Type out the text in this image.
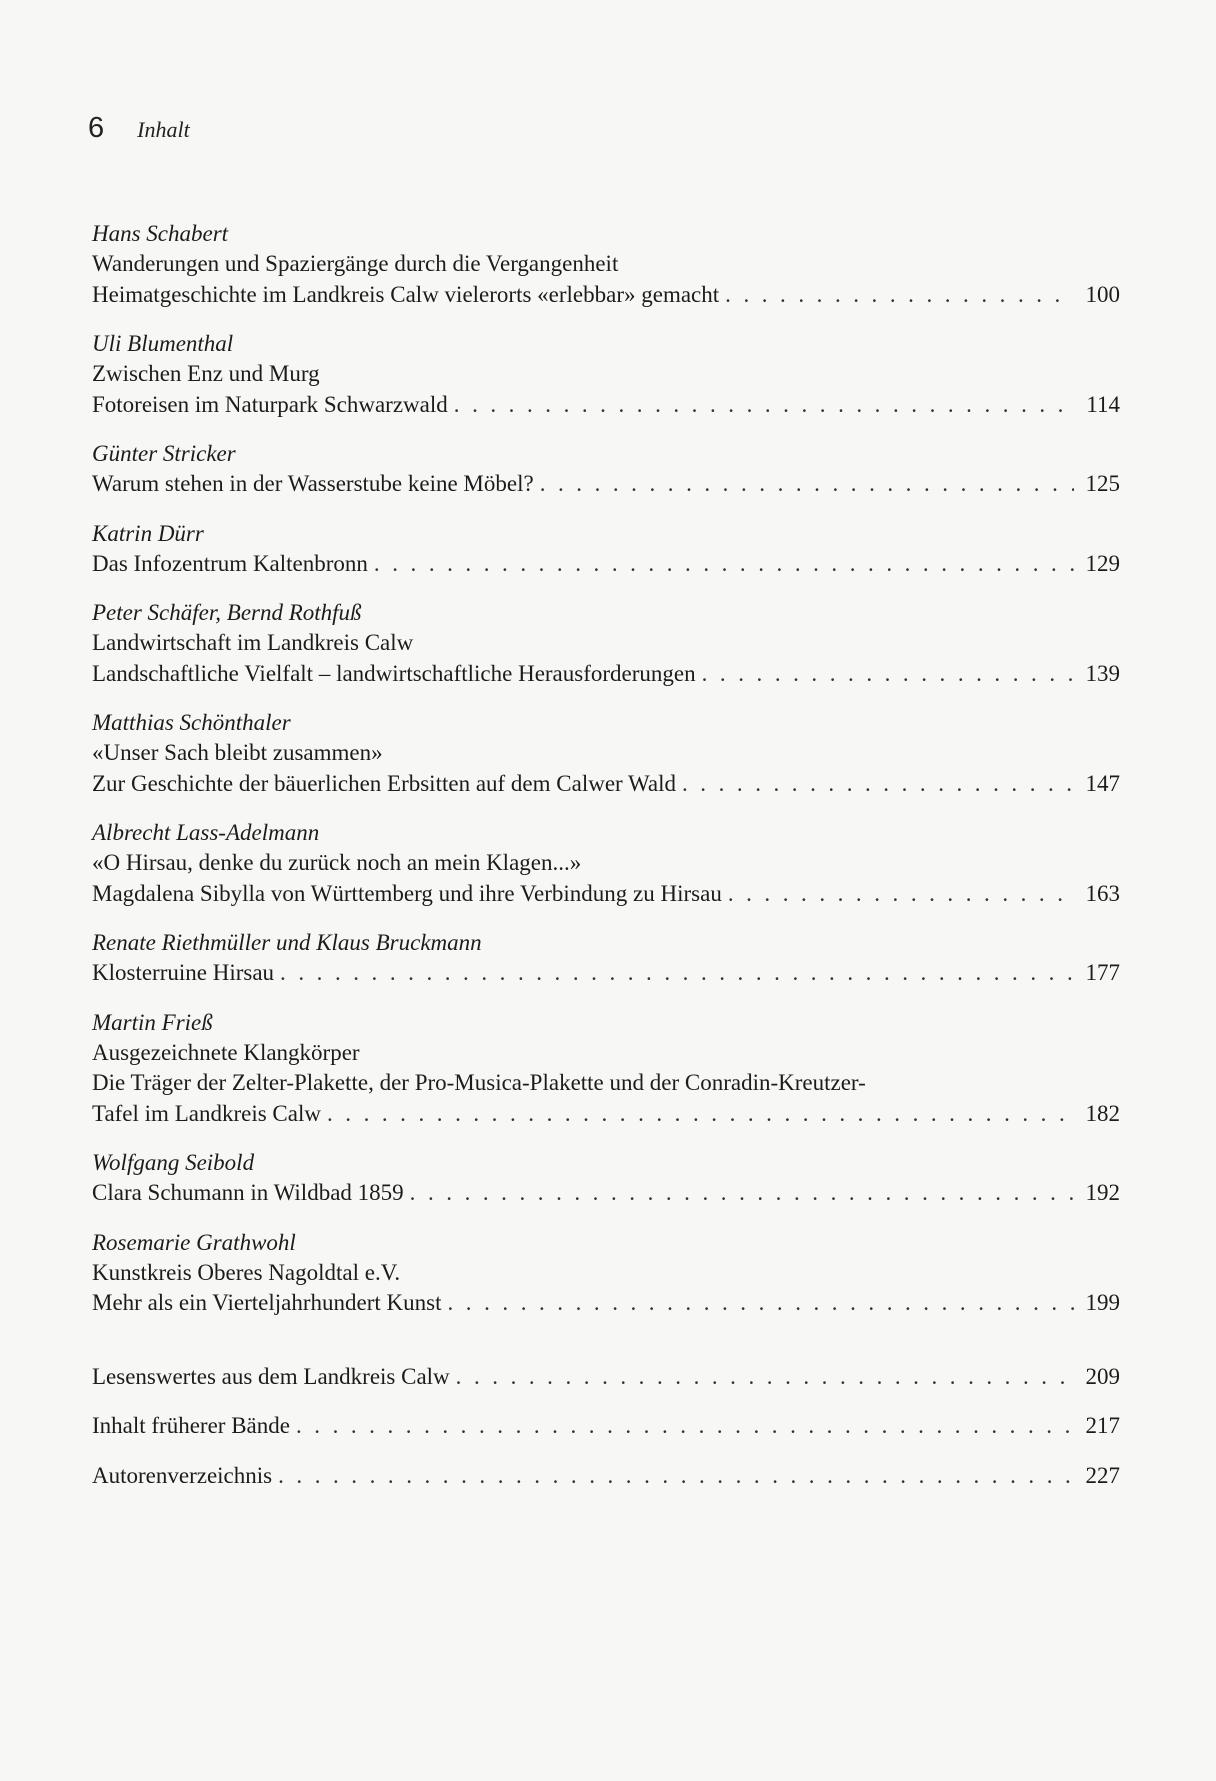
6 Inhalt
Hans Schabert
Wanderungen und Spaziergänge durch die Vergangenheit
Heimatgeschichte im Landkreis Calw vielerorts «erlebbar» gemacht . . .	100
Uli Blumenthal
Zwischen Enz und Murg
Fotoreisen im Naturpark Schwarzwald . . .	114
Günter Stricker
Warum stehen in der Wasserstube keine Möbel? . . .	125
Katrin Dürr
Das Infozentrum Kaltenbronn . . .	129
Peter Schäfer, Bernd Rothfuß
Landwirtschaft im Landkreis Calw
Landschaftliche Vielfalt – landwirtschaftliche Herausforderungen . . .	139
Matthias Schönthaler
«Unser Sach bleibt zusammen»
Zur Geschichte der bäuerlichen Erbsitten auf dem Calwer Wald . . .	147
Albrecht Lass-Adelmann
«O Hirsau, denke du zurück noch an mein Klagen...»
Magdalena Sibylla von Württemberg und ihre Verbindung zu Hirsau . . .	163
Renate Riethmüller und Klaus Bruckmann
Klosterruine Hirsau . . .	177
Martin Frieß
Ausgezeichnete Klangkörper
Die Träger der Zelter-Plakette, der Pro-Musica-Plakette und der Conradin-Kreutzer-
Tafel im Landkreis Calw . . .	182
Wolfgang Seibold
Clara Schumann in Wildbad 1859 . . .	192
Rosemarie Grathwohl
Kunstkreis Oberes Nagoldtal e.V.
Mehr als ein Vierteljahrhundert Kunst . . .	199
Lesenswertes aus dem Landkreis Calw . . .	209
Inhalt früherer Bände . . .	217
Autorenverzeichnis . . .	227
